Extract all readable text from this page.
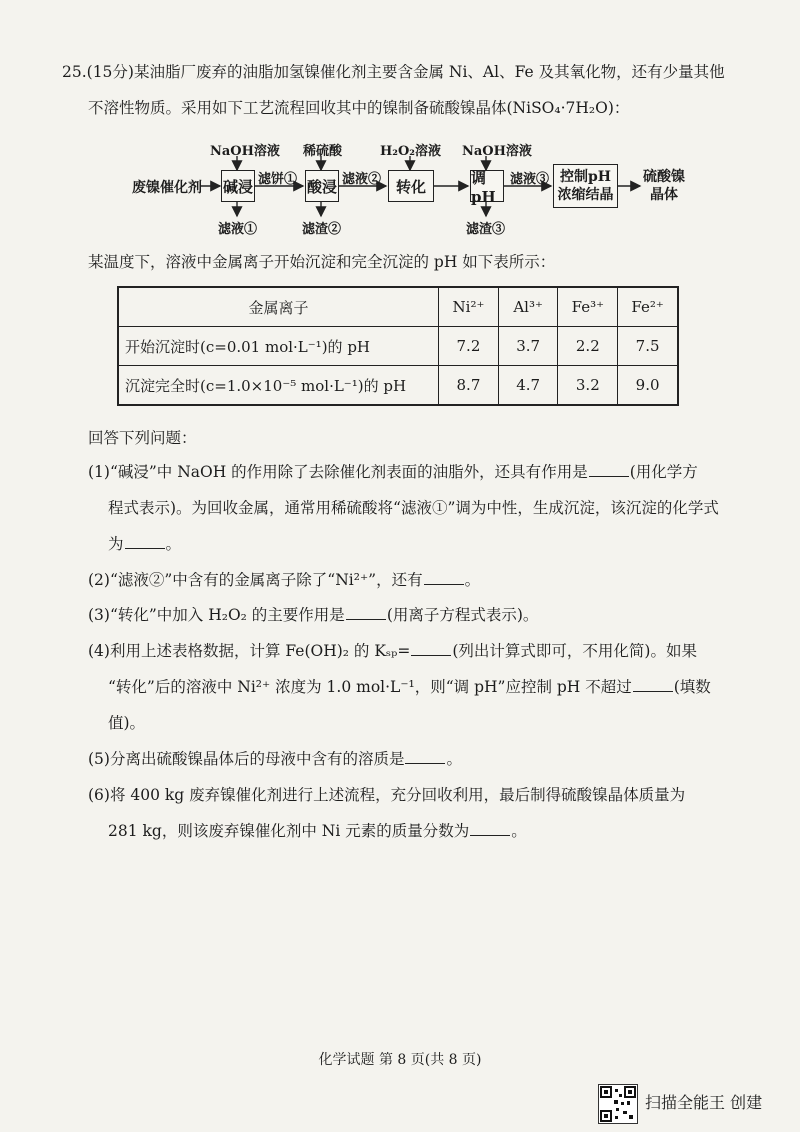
25.(15分)某油脂厂废弃的油脂加氢镍催化剂主要含金属 Ni、Al、Fe 及其氧化物，还有少量其他
不溶性物质。采用如下工艺流程回收其中的镍制备硫酸镍晶体(NiSO₄·7H₂O)：
废镍催化剂
NaOH溶液
碱浸 滤饼①
滤液①
稀硫酸
酸浸 滤液②
滤渣②
H₂O₂溶液
转化
NaOH溶液
调pH
滤液③
滤渣③
控制pH
浓缩结晶
硫酸镍
晶体
某温度下，溶液中金属离子开始沉淀和完全沉淀的 pH 如下表所示：
金属离子	Ni²⁺	Al³⁺	Fe³⁺	Fe²⁺
开始沉淀时(c=0.01 mol·L⁻¹)的 pH	7.2	3.7	2.2	7.5
沉淀完全时(c=1.0×10⁻⁵ mol·L⁻¹)的 pH	8.7	4.7	3.2	9.0
回答下列问题：
(1)“碱浸”中 NaOH 的作用除了去除催化剂表面的油脂外，还具有作用是	(用化学方
程式表示)。为回收金属，通常用稀硫酸将“滤液①”调为中性，生成沉淀，该沉淀的化学式
为	。
(2)“滤液②”中含有的金属离子除了“Ni²⁺”，还有	。
(3)“转化”中加入 H₂O₂ 的主要作用是	(用离子方程式表示)。
(4)利用上述表格数据，计算 Fe(OH)₂ 的 Kₛₚ=	(列出计算式即可，不用化简)。如果
“转化”后的溶液中 Ni²⁺ 浓度为 1.0 mol·L⁻¹，则“调 pH”应控制 pH 不超过	(填数
值)。
(5)分离出硫酸镍晶体后的母液中含有的溶质是	。
(6)将 400 kg 废弃镍催化剂进行上述流程，充分回收利用，最后制得硫酸镍晶体质量为
281 kg，则该废弃镍催化剂中 Ni 元素的质量分数为	。
化学试题 第 8 页(共 8 页)
扫描全能王 创建
